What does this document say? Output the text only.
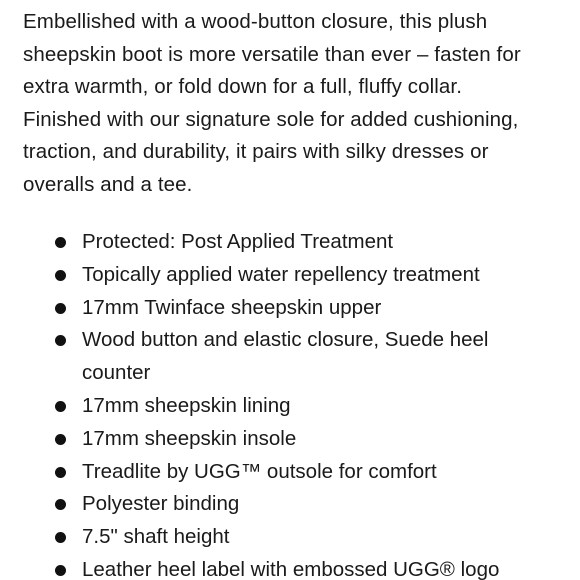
Embellished with a wood-button closure, this plush
sheepskin boot is more versatile than ever – fasten for
extra warmth, or fold down for a full, fluffy collar.
Finished with our signature sole for added cushioning,
traction, and durability, it pairs with silky dresses or
overalls and a tee.

Protected: Post Applied Treatment
Topically applied water repellency treatment
17mm Twinface sheepskin upper
Wood button and elastic closure, Suede heel counter
17mm sheepskin lining
17mm sheepskin insole
Treadlite by UGG™ outsole for comfort
Polyester binding
7.5" shaft height
Leather heel label with embossed UGG® logo
